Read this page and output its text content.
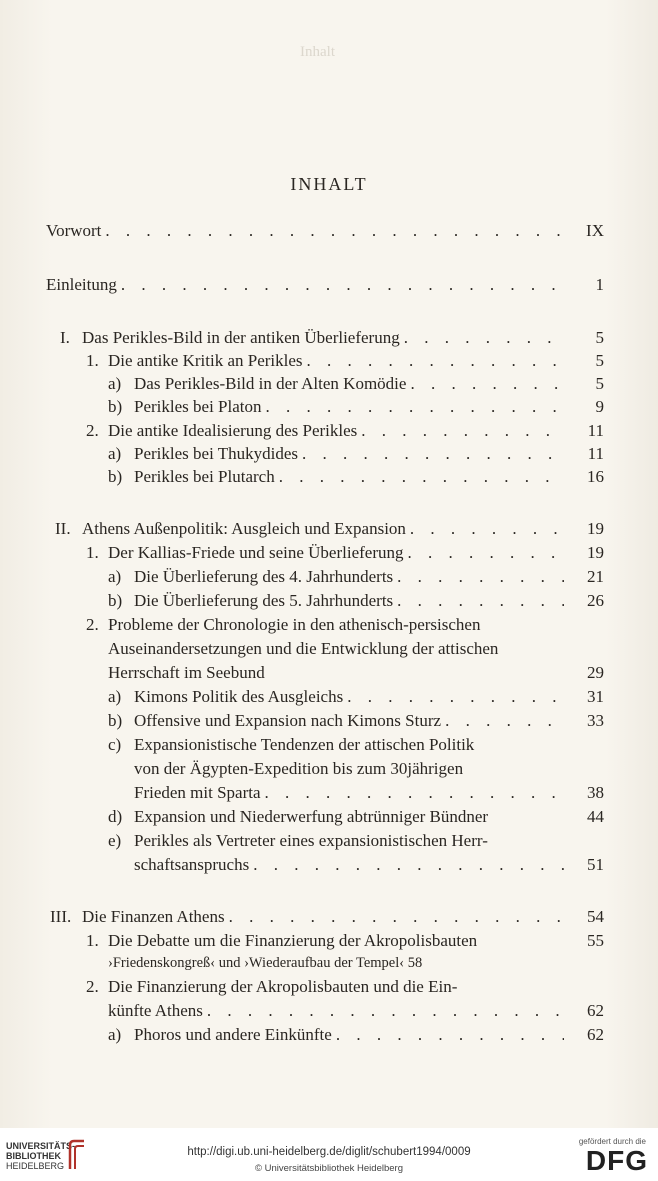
Inhalt
INHALT
Vorwort . . .	IX
Einleitung . . .	1
I. Das Perikles-Bild in der antiken Überlieferung . . .	5
1. Die antike Kritik an Perikles . . .	5
a) Das Perikles-Bild in der Alten Komödie . . .	5
b) Perikles bei Platon . . .	9
2. Die antike Idealisierung des Perikles . . .	11
a) Perikles bei Thukydides . . .	11
b) Perikles bei Plutarch . . .	16
II. Athens Außenpolitik: Ausgleich und Expansion . . .	19
1. Der Kallias-Friede und seine Überlieferung . . .	19
a) Die Überlieferung des 4. Jahrhunderts . . .	21
b) Die Überlieferung des 5. Jahrhunderts . . .	26
2. Probleme der Chronologie in den athenisch-persischen
Auseinandersetzungen und die Entwicklung der attischen
Herrschaft im Seebund	29
a) Kimons Politik des Ausgleichs . . .	31
b) Offensive und Expansion nach Kimons Sturz . . .	33
c) Expansionistische Tendenzen der attischen Politik
von der Ägypten-Expedition bis zum 30jährigen
Frieden mit Sparta . . .	38
d) Expansion und Niederwerfung abtrünniger Bündner	44
e) Perikles als Vertreter eines expansionistischen Herr-
schaftsanspruchs . . .	51
III. Die Finanzen Athens . . .	54
1. Die Debatte um die Finanzierung der Akropolisbauten	55
›Friedenskongreß‹ und ›Wiederaufbau der Tempel‹ 58
2. Die Finanzierung der Akropolisbauten und die Ein-
künfte Athens . . .	62
a) Phoros und andere Einkünfte . . .	62
UNIVERSITÄTS-
BIBLIOTHEK
HEIDELBERG
http://digi.ub.uni-heidelberg.de/diglit/schubert1994/0009
© Universitätsbibliothek Heidelberg
gefördert durch die
DFG
